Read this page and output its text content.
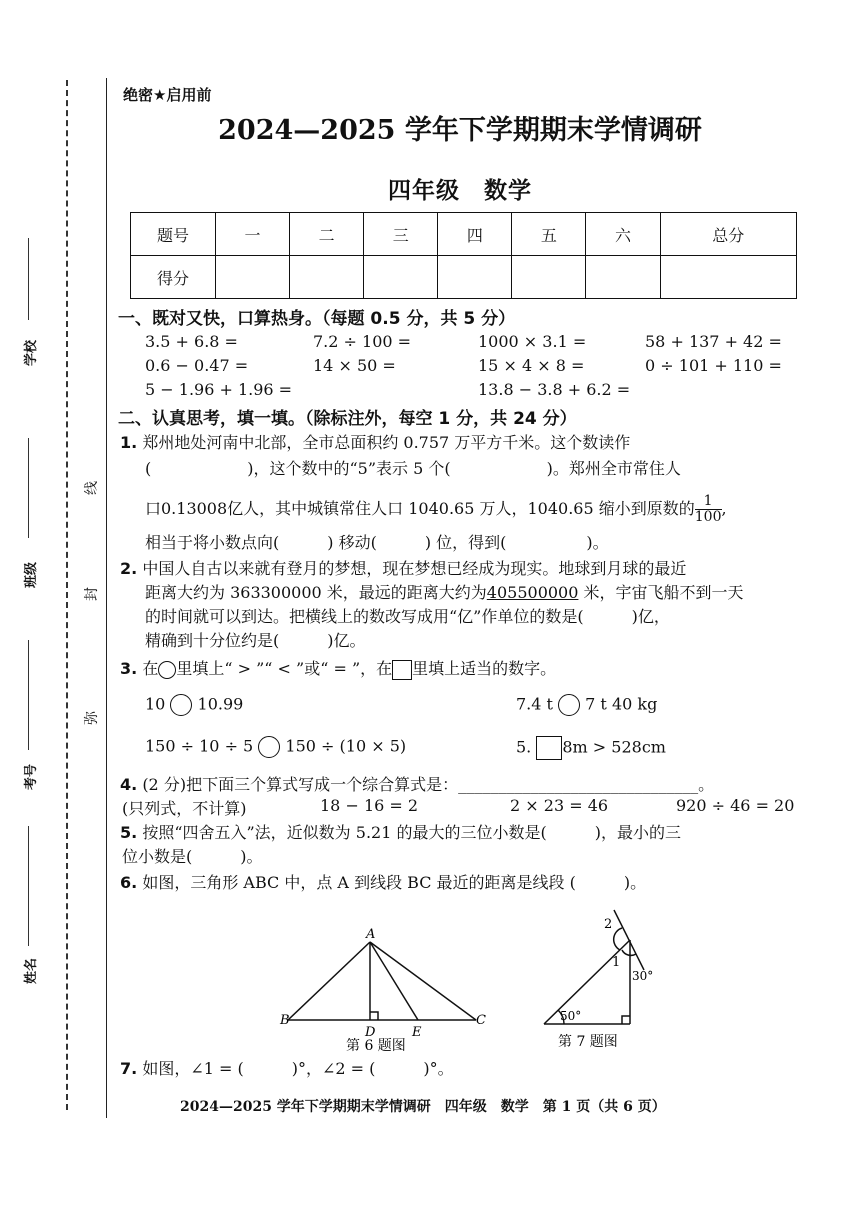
学校
班级
考号
姓名
线
封
弥
绝密★启用前
2024—2025 学年下学期期末学情调研
四年级　数学
题号	一	二	三	四	五	六	总分
得分							
一、既对又快，口算热身。（每题 0.5 分，共 5 分）
3.5 + 6.8 =	7.2 ÷ 100 =	1000 × 3.1 =	58 + 137 + 42 =
0.6 − 0.47 =	14 × 50 =	15 × 4 × 8 =	0 ÷ 101 + 110 =
5 − 1.96 + 1.96 =	13.8 − 3.8 + 6.2 =
二、认真思考，填一填。（除标注外，每空 1 分，共 24 分）
1. 郑州地处河南中北部，全市总面积约 0.757 万平方千米。这个数读作
(　　　　　　)，这个数中的“5”表示 5 个(　　　　　　)。郑州全市常住人
口0.13008亿人，其中城镇常住人口 1040.65 万人，1040.65 缩小到原数的 $\frac{1}{100}$ ,
相当于将小数点向(　　　) 移动(　　　) 位，得到(　　　　　)。
2. 中国人自古以来就有登月的梦想，现在梦想已经成为现实。地球到月球的最近
距离大约为 363300000 米，最远的距离大约为405500000 米，宇宙飞船不到一天
的时间就可以到达。把横线上的数改写成用“亿”作单位的数是(　　　)亿，
精确到十分位约是(　　　)亿。
3. 在 里填上“ > ”“ < ”或“ = ”，在 里填上适当的数字。
10 10.99	7.4 t 7 t 40 kg
150 ÷ 10 ÷ 5 150 ÷ (10 × 5)	5. 8m > 528cm
4. (2 分)把下面三个算式写成一个综合算式是：______________________________。
(只列式，不计算)	18 − 16 = 2	2 × 23 = 46	920 ÷ 46 = 20
5. 按照“四舍五入”法，近似数为 5.21 的最大的三位小数是(　　　)，最小的三
位小数是(　　　)。
6. 如图，三角形 ABC 中，点 A 到线段 BC 最近的距离是线段 (　　　)。
A
B	C
D	E
第 6 题图
2
1
30°
50°
第 7 题图
7. 如图，∠1 = (　　　)°，∠2 = (　　　)°。
2024—2025 学年下学期期末学情调研　四年级　数学　第 1 页（共 6 页）
